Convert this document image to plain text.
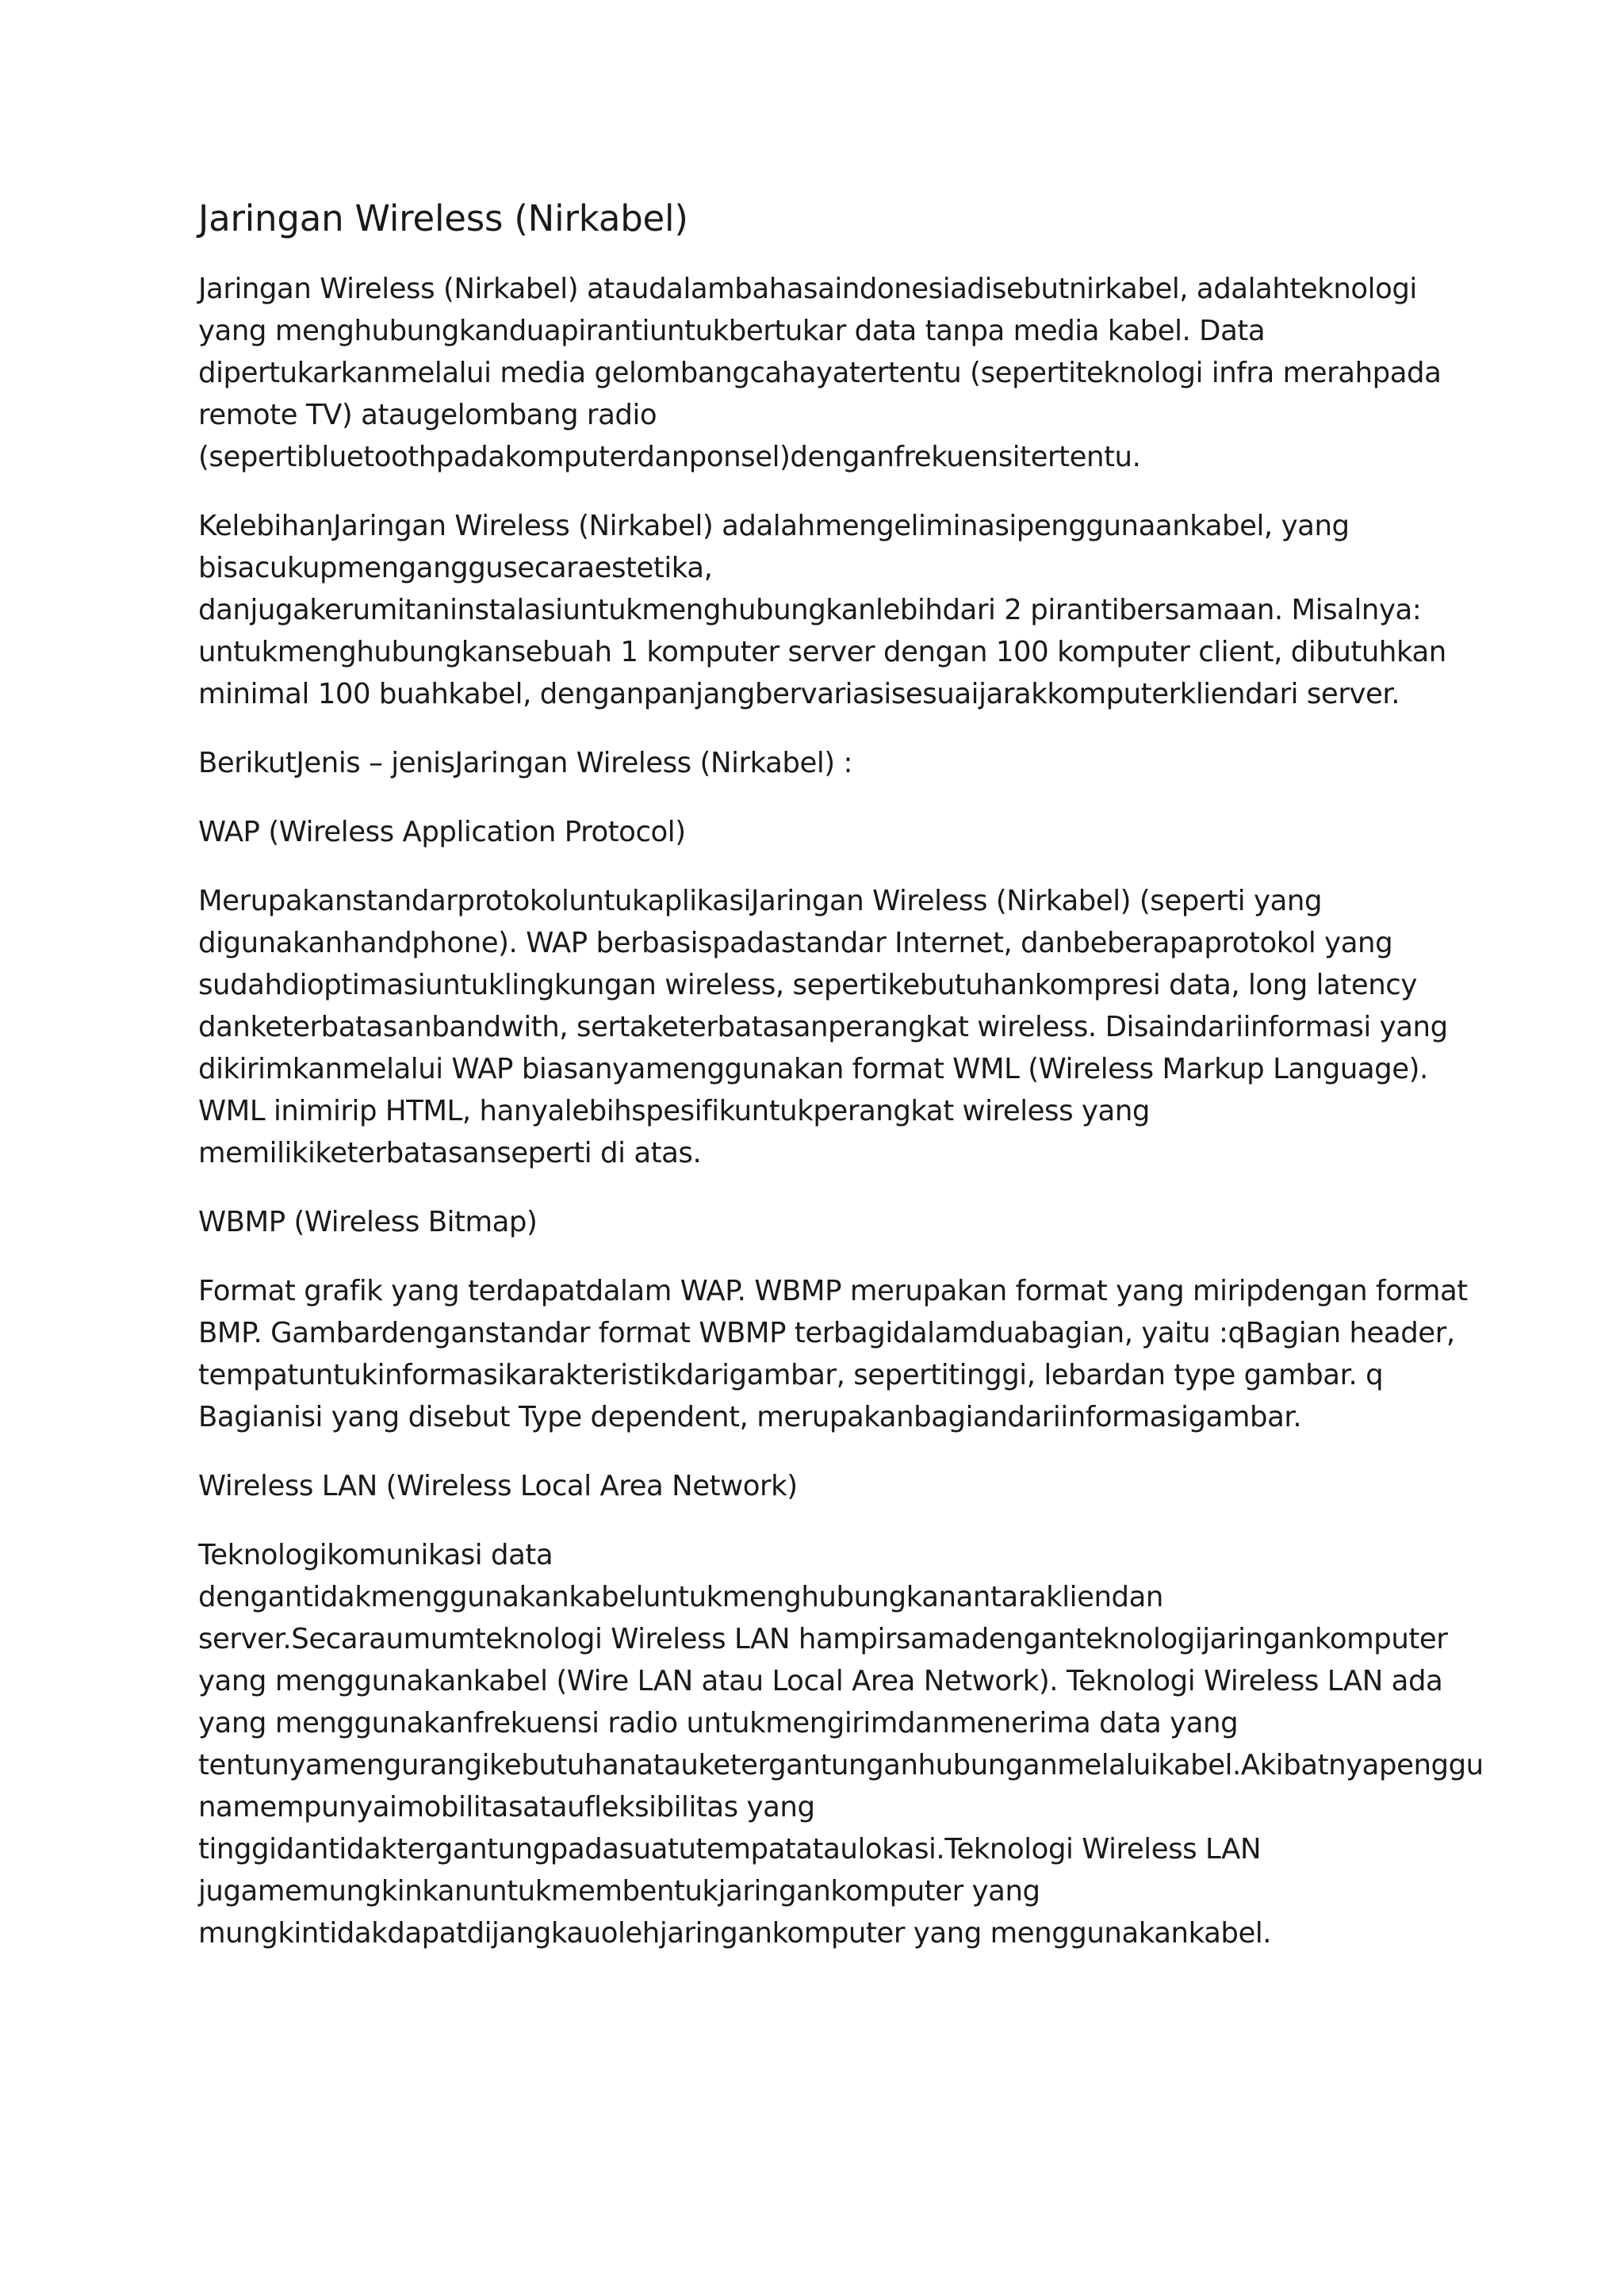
Jaringan Wireless (Nirkabel)
Jaringan Wireless (Nirkabel) ataudalambahasaindonesiadisebutnirkabel, adalahteknologi
yang menghubungkanduapirantiuntukbertukar data tanpa media kabel. Data
dipertukarkanmelalui media gelombangcahayatertentu (sepertiteknologi infra merahpada
remote TV) ataugelombang radio
(sepertibluetoothpadakomputerdanponsel)denganfrekuensitertentu.
KelebihanJaringan Wireless (Nirkabel) adalahmengeliminasipenggunaankabel, yang
bisacukupmenganggusecaraestetika,
danjugakerumitaninstalasiuntukmenghubungkanlebihdari 2 pirantibersamaan. Misalnya:
untukmenghubungkansebuah 1 komputer server dengan 100 komputer client, dibutuhkan
minimal 100 buahkabel, denganpanjangbervariasisesuaijarakkomputerkliendari server.
BerikutJenis – jenisJaringan Wireless (Nirkabel) :
WAP (Wireless Application Protocol)
MerupakanstandarprotokoluntukaplikasiJaringan Wireless (Nirkabel) (seperti yang
digunakanhandphone). WAP berbasispadastandar Internet, danbeberapaprotokol yang
sudahdioptimasiuntuklingkungan wireless, sepertikebutuhankompresi data, long latency
danketerbatasanbandwith, sertaketerbatasanperangkat wireless. Disaindariinformasi yang
dikirimkanmelalui WAP biasanyamenggunakan format WML (Wireless Markup Language).
WML inimirip HTML, hanyalebihspesifikuntukperangkat wireless yang
memilikiketerbatasanseperti di atas.
WBMP (Wireless Bitmap)
Format grafik yang terdapatdalam WAP. WBMP merupakan format yang miripdengan format
BMP. Gambardenganstandar format WBMP terbagidalamduabagian, yaitu :qBagian header,
tempatuntukinformasikarakteristikdarigambar, sepertitinggi, lebardan type gambar. q
Bagianisi yang disebut Type dependent, merupakanbagiandariinformasigambar.
Wireless LAN (Wireless Local Area Network)
Teknologikomunikasi data
dengantidakmenggunakankabeluntukmenghubungkanantarakliendan
server.Secaraumumteknologi Wireless LAN hampirsamadenganteknologijaringankomputer
yang menggunakankabel (Wire LAN atau Local Area Network). Teknologi Wireless LAN ada
yang menggunakanfrekuensi radio untukmengirimdanmenerima data yang
tentunyamengurangikebutuhanatauketergantunganhubunganmelaluikabel.Akibatnyapenggu
namempunyaimobilitasataufleksibilitas yang
tinggidantidaktergantungpadasuatutempatataulokasi.Teknologi Wireless LAN
jugamemungkinkanuntukmembentukjaringankomputer yang
mungkintidakdapatdijangkauolehjaringankomputer yang menggunakankabel.
